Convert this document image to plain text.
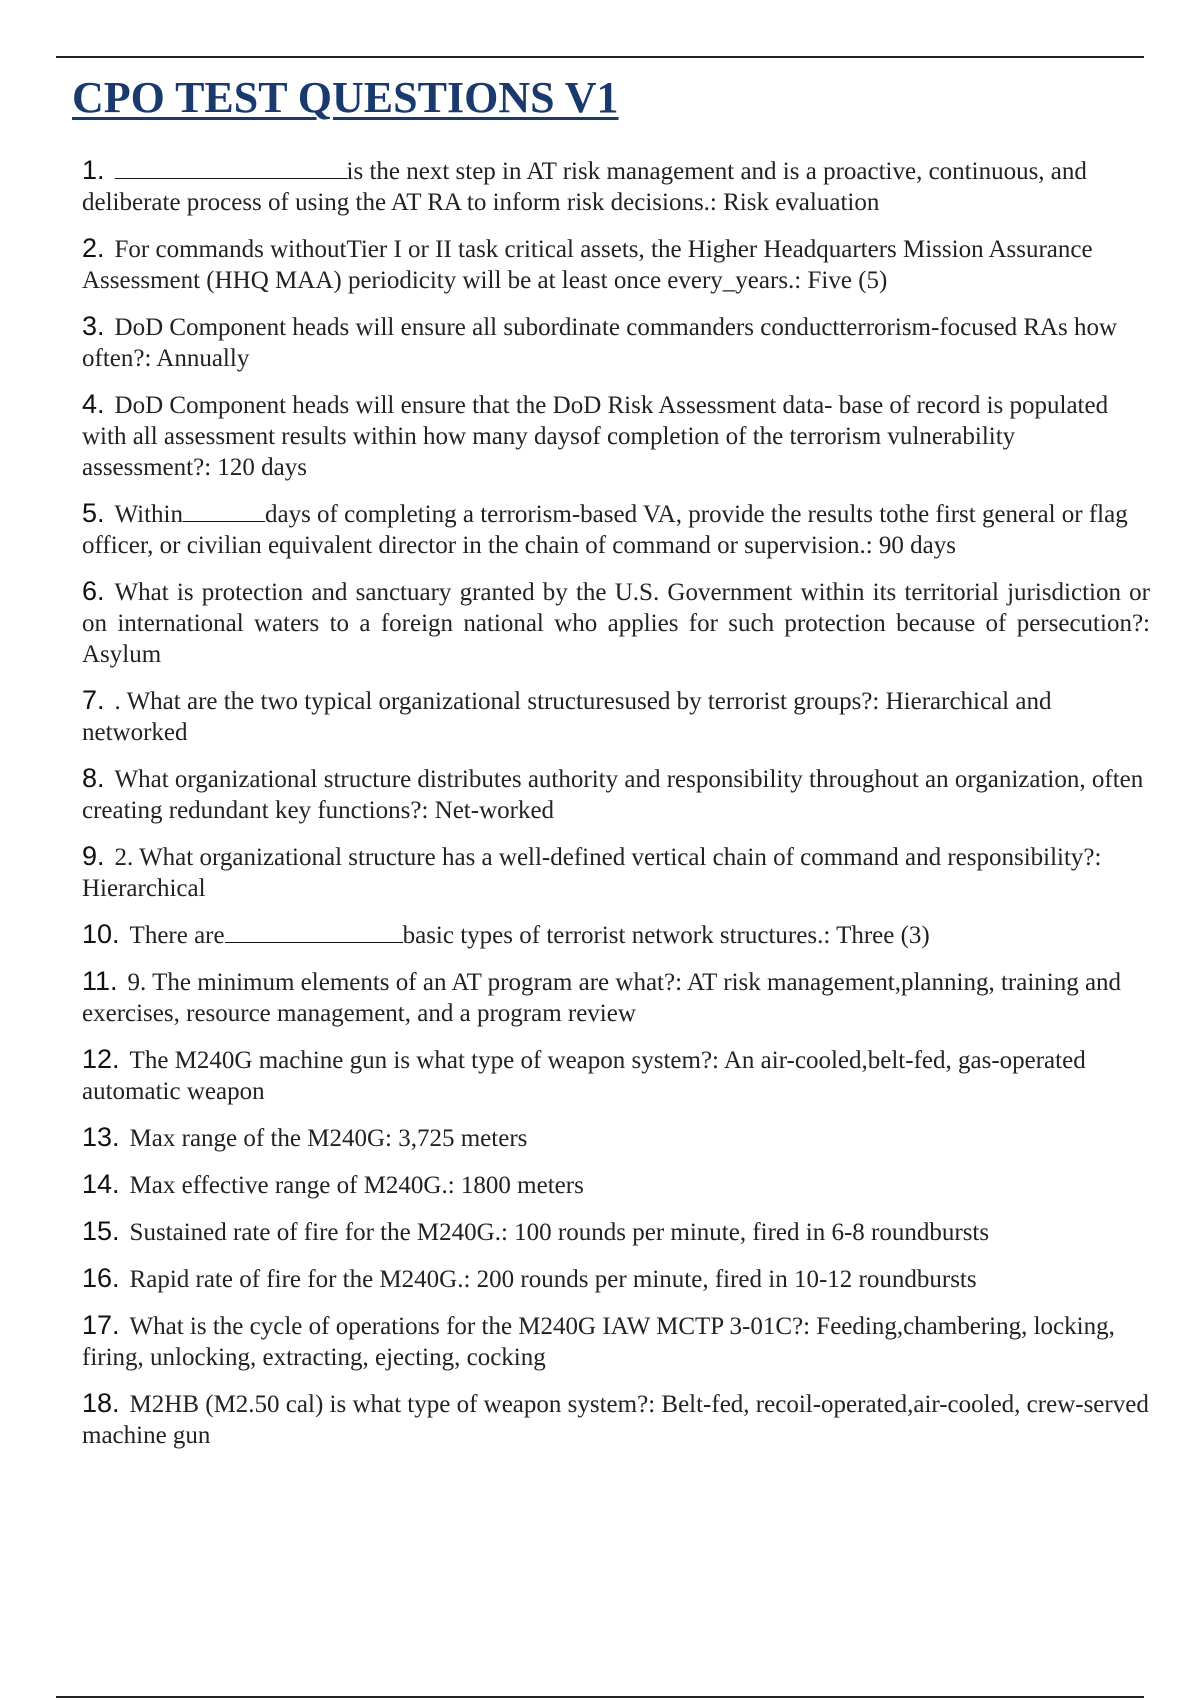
CPO TEST QUESTIONS V1
1.	is the next step in AT risk management and is a proactive, continuous, and deliberate process of using the AT RA to inform risk decisions.: Risk evaluation
2. For commands withoutTier I or II task critical assets, the Higher Headquarters Mission Assurance Assessment (HHQ MAA) periodicity will be at least once every_years.: Five (5)
3. DoD Component heads will ensure all subordinate commanders conductterrorism-focused RAs how often?: Annually
4. DoD Component heads will ensure that the DoD Risk Assessment data- base of record is populated with all assessment results within how many daysof completion of the terrorism vulnerability assessment?: 120 days
5. Within	days of completing a terrorism-based VA, provide the results tothe first general or flag officer, or civilian equivalent director in the chain of command or supervision.: 90 days
6. What is protection and sanctuary granted by the U.S. Government within its territorial jurisdiction or on international waters to a foreign national who applies for such protection because of persecution?: Asylum
7. . What are the two typical organizational structuresused by terrorist groups?: Hierarchical and networked
8. What organizational structure distributes authority and responsibility throughout an organization, often creating redundant key functions?: Net-worked
9. 2. What organizational structure has a well-defined vertical chain of command and responsibility?: Hierarchical
10. There are	basic types of terrorist network structures.: Three (3)
11. 9. The minimum elements of an AT program are what?: AT risk management,planning, training and exercises, resource management, and a program review
12. The M240G machine gun is what type of weapon system?: An air-cooled,belt-fed, gas-operated automatic weapon
13. Max range of the M240G: 3,725 meters
14. Max effective range of M240G.: 1800 meters
15. Sustained rate of fire for the M240G.: 100 rounds per minute, fired in 6-8 roundbursts
16. Rapid rate of fire for the M240G.: 200 rounds per minute, fired in 10-12 roundbursts
17. What is the cycle of operations for the M240G IAW MCTP 3-01C?: Feeding,chambering, locking, firing, unlocking, extracting, ejecting, cocking
18. M2HB (M2.50 cal) is what type of weapon system?: Belt-fed, recoil-operated,air-cooled, crew-served machine gun
